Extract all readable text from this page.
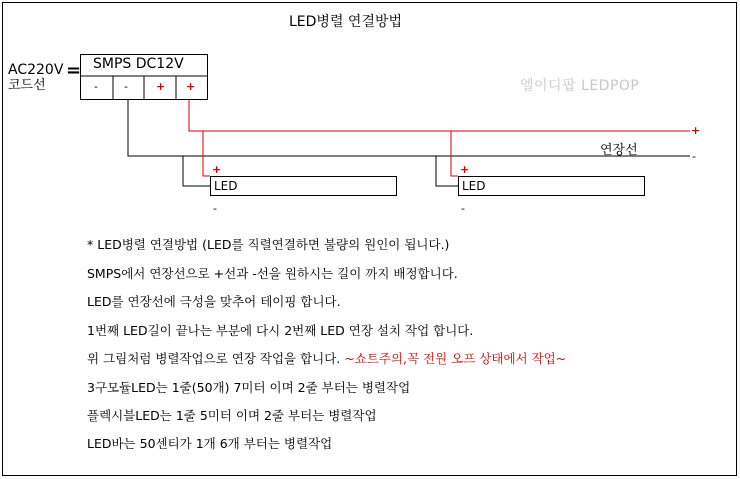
LED병렬 연결방법
AC220V
코드선
= SMPS DC12V
- -	+ +	엘이디팝 LEDPOP
+
-
연장선
LED
+
-
LED
+
-
* LED병렬 연결방법 (LED를 직렬연결하면 불량의 원인이 됩니다.)
SMPS에서 연장선으로 +선과 -선을 원하시는 길이 까지 배정합니다.
LED를 연장선에 극성을 맞추어 테이핑 합니다.
1번째 LED길이 끝나는 부분에 다시 2번째 LED 연장 설치 작업 합니다.
위 그림처럼 병렬작업으로 연장 작업을 합니다. ~쇼트주의,꼭 전원 오프 상태에서 작업~
3구모듈LED는 1줄(50개) 7미터 이며 2줄 부터는 병렬작업
플렉시블LED는 1줄 5미터 이며 2줄 부터는 병렬작업
LED바는 50센티가 1개 6개 부터는 병렬작업
